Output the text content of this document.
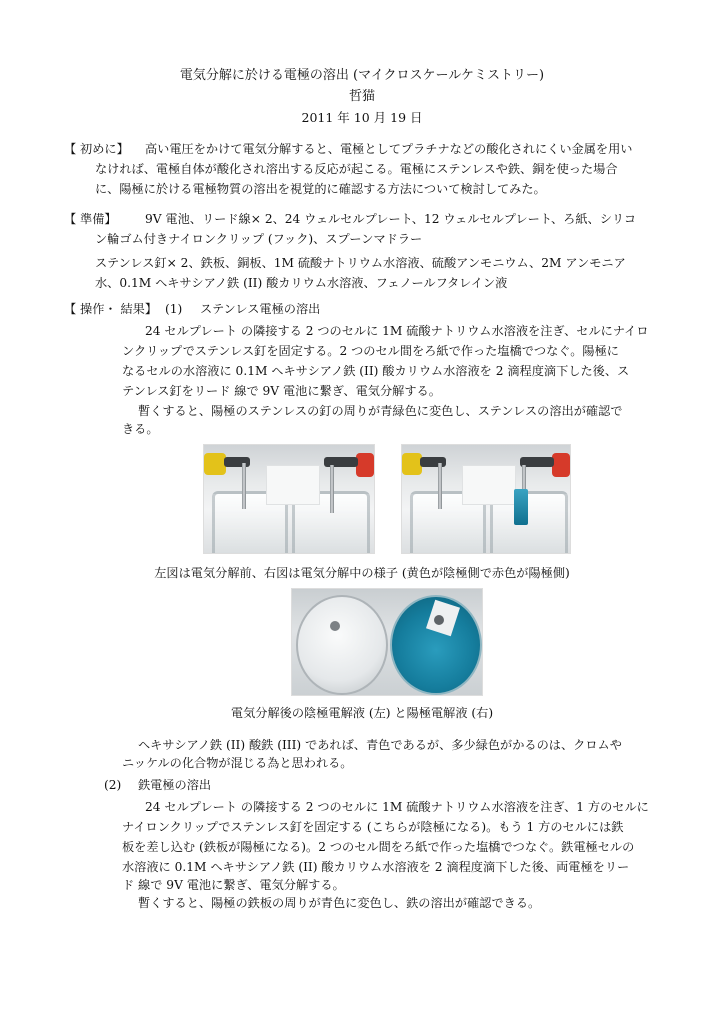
電気分解に於ける電極の溶出 (マイクロスケールケミストリー)
哲猫
2011 年 10 月 19 日
【 初めに】 高い電圧をかけて電気分解すると、電極としてプラチナなどの酸化されにくい金属を用い
なければ、電極自体が酸化され溶出する反応が起こる。電極にステンレスや鉄、銅を使った場合
に、陽極に於ける電極物質の溶出を視覚的に確認する方法について検討してみた。
【 準備】 9V 電池、リード線× 2、24 ウェルセルプレート、12 ウェルセルプレート、ろ紙、シリコ
ン輪ゴム付きナイロンクリップ (フック)、スプーンマドラー
ステンレス釘× 2、鉄板、銅板、1M 硫酸ナトリウム水溶液、硫酸アンモニウム、2M アンモニア
水、0.1M ヘキサシアノ鉄 (II) 酸カリウム水溶液、フェノールフタレイン液
【 操作・ 結果】 (1) ステンレス電極の溶出
24 セルプレート の隣接する 2 つのセルに 1M 硫酸ナトリウム水溶液を注ぎ、セルにナイロ
ンクリップでステンレス釘を固定する。2 つのセル間をろ紙で作った塩橋でつなぐ。陽極に
なるセルの水溶液に 0.1M ヘキサシアノ鉄 (II) 酸カリウム水溶液を 2 滴程度滴下した後、ス
テンレス釘をリード 線で 9V 電池に繋ぎ、電気分解する。
暫くすると、陽極のステンレスの釘の周りが青緑色に変色し、ステンレスの溶出が確認で
きる。
左図は電気分解前、右図は電気分解中の様子 (黄色が陰極側で赤色が陽極側)
電気分解後の陰極電解液 (左) と陽極電解液 (右)
ヘキサシアノ鉄 (II) 酸鉄 (III) であれば、青色であるが、多少緑色がかるのは、クロムや
ニッケルの化合物が混じる為と思われる。
(2) 鉄電極の溶出
24 セルプレート の隣接する 2 つのセルに 1M 硫酸ナトリウム水溶液を注ぎ、1 方のセルに
ナイロンクリップでステンレス釘を固定する (こちらが陰極になる)。もう 1 方のセルには鉄
板を差し込む (鉄板が陽極になる)。2 つのセル間をろ紙で作った塩橋でつなぐ。鉄電極セルの
水溶液に 0.1M ヘキサシアノ鉄 (II) 酸カリウム水溶液を 2 滴程度滴下した後、両電極をリー
ド 線で 9V 電池に繋ぎ、電気分解する。
暫くすると、陽極の鉄板の周りが青色に変色し、鉄の溶出が確認できる。
